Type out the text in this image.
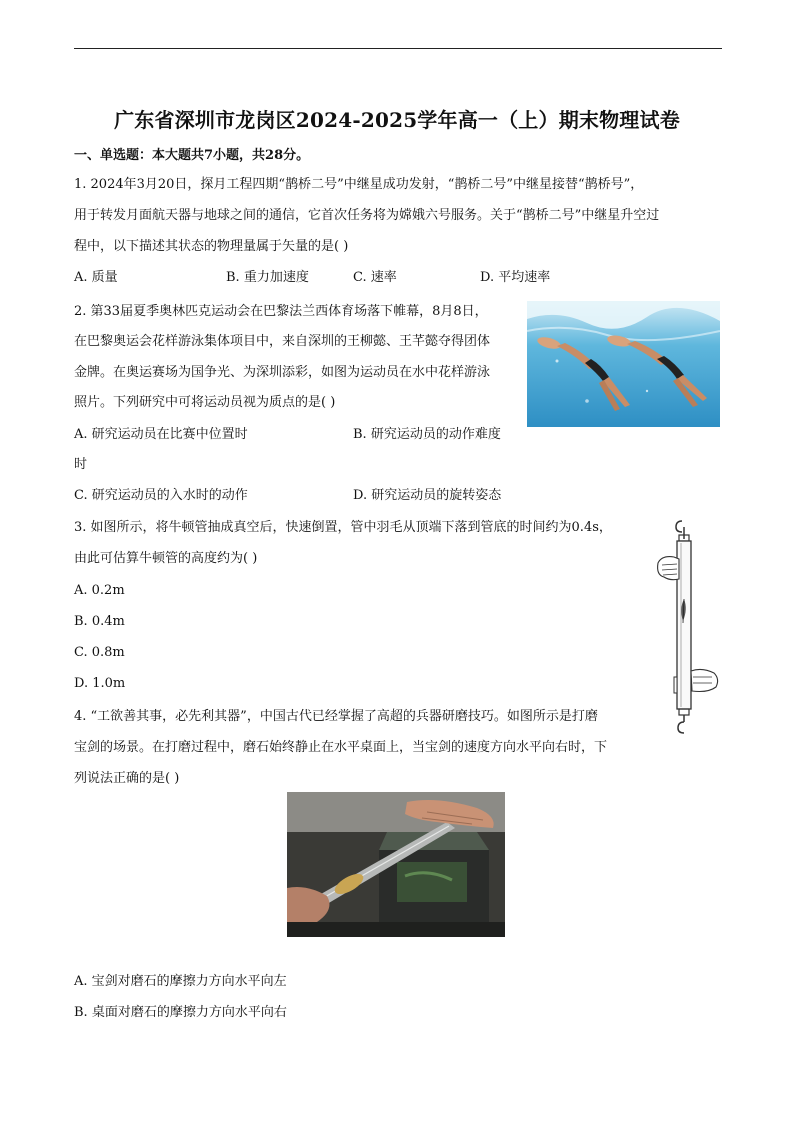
广东省深圳市龙岗区2024-2025学年高一（上）期末物理试卷
一、单选题：本大题共7小题，共28分。
1. 2024年3月20日，探月工程四期“鹊桥二号”中继星成功发射，“鹊桥二号”中继星接替“鹊桥号”，
用于转发月面航天器与地球之间的通信，它首次任务将为嫦娥六号服务。关于“鹊桥二号”中继星升空过
程中，以下描述其状态的物理量属于矢量的是( )
A. 质量	B. 重力加速度	C. 速率	D. 平均速率
2. 第33届夏季奥林匹克运动会在巴黎法兰西体育场落下帷幕，8月8日，
在巴黎奥运会花样游泳集体项目中，来自深圳的王柳懿、王芊懿夺得团体
金牌。在奥运赛场为国争光、为深圳添彩，如图为运动员在水中花样游泳
照片。下列研究中可将运动员视为质点的是( )
A. 研究运动员在比赛中位置时	B. 研究运动员的动作难度
时
C. 研究运动员的入水时的动作	D. 研究运动员的旋转姿态
3. 如图所示，将牛顿管抽成真空后，快速倒置，管中羽毛从顶端下落到管底的时间约为0.4s，
由此可估算牛顿管的高度约为( )
A. 0.2m
B. 0.4m
C. 0.8m
D. 1.0m
4. “工欲善其事，必先利其器”，中国古代已经掌握了高超的兵器研磨技巧。如图所示是打磨
宝剑的场景。在打磨过程中，磨石始终静止在水平桌面上，当宝剑的速度方向水平向右时，下
列说法正确的是( )
A. 宝剑对磨石的摩擦力方向水平向左
B. 桌面对磨石的摩擦力方向水平向右
